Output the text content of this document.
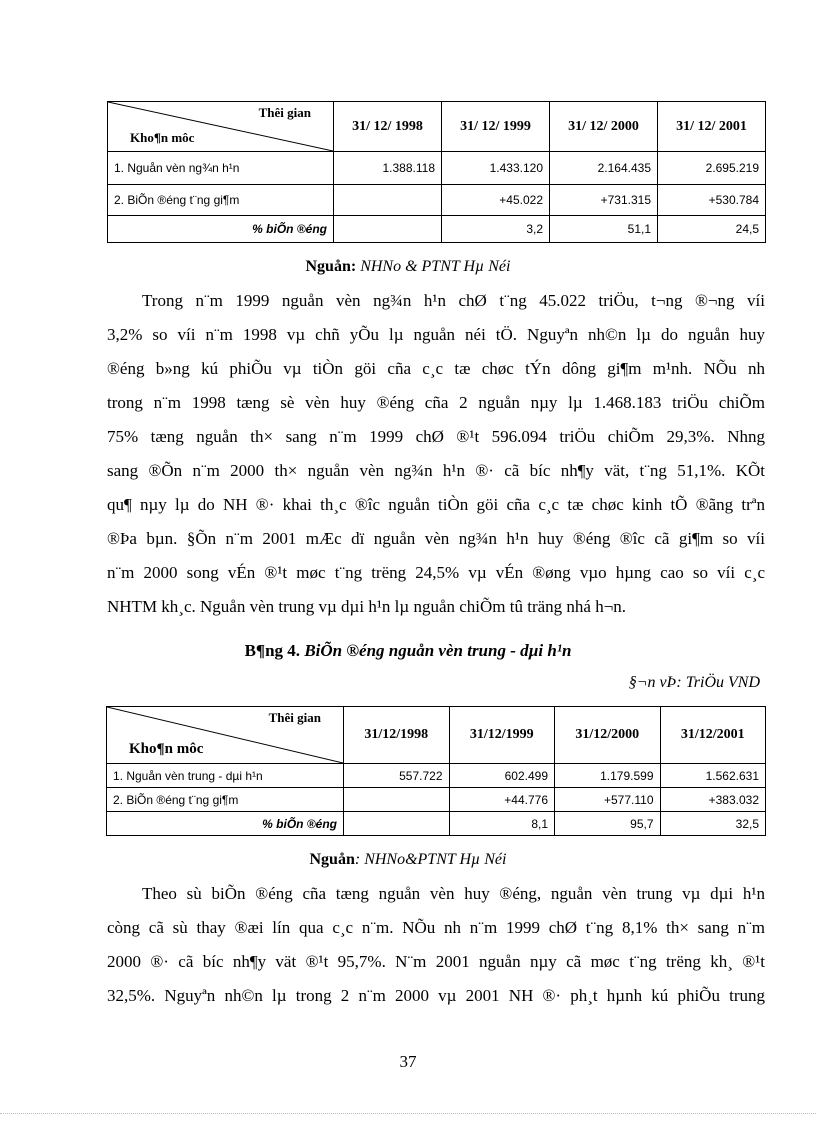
Thêi gian
Kho¶n môc	31/ 12/ 1998	31/ 12/ 1999	31/ 12/ 2000	31/ 12/ 2001
1. Nguån vèn ng¾n h¹n	1.388.118	1.433.120	2.164.435	2.695.219
2. BiÕn ®éng t¨ng gi¶m		+45.022	+731.315	+530.784
% biÕn ®éng		3,2	51,1	24,5
Nguån: NHNo & PTNT Hµ Néi
Trong n¨m 1999 nguån vèn ng¾n h¹n chØ t¨ng 45.022 triÖu, t¬ng ®¬ng víi
3,2% so víi n¨m 1998 vµ chñ yÕu lµ nguån néi tÖ. Nguyªn nh©n lµ do nguån huy
®éng b»ng kú phiÕu vµ tiÒn göi cña c¸c tæ chøc tÝn dông gi¶m m¹nh. NÕu nh
trong n¨m 1998 tæng sè vèn huy ®éng cña 2 nguån nµy lµ 1.468.183 triÖu chiÕm
75% tæng nguån th× sang n¨m 1999 chØ ®¹t 596.094 triÖu chiÕm 29,3%. Nhng
sang ®Õn n¨m 2000 th× nguån vèn ng¾n h¹n ®· cã bíc nh¶y vät, t¨ng 51,1%. KÕt
qu¶ nµy lµ do NH ®· khai th¸c ®îc nguån tiÒn göi cña c¸c tæ chøc kinh tÕ ®ãng trªn
®Þa bµn. §Õn n¨m 2001 mÆc dï nguån vèn ng¾n h¹n huy ®éng ®îc cã gi¶m so víi
n¨m 2000 song vÉn ®¹t møc t¨ng trëng 24,5% vµ vÉn ®øng vµo hµng cao so víi c¸c
NHTM kh¸c. Nguån vèn trung vµ dµi h¹n lµ nguån chiÕm tû träng nhá h¬n.
B¶ng 4. BiÕn ®éng nguån vèn trung - dµi h¹n
§¬n vÞ: TriÖu VND
Thêi gian
Kho¶n môc	31/12/1998	31/12/1999	31/12/2000	31/12/2001
1. Nguån vèn trung - dµi h¹n	557.722	602.499	1.179.599	1.562.631
2. BiÕn ®éng t¨ng gi¶m		+44.776	+577.110	+383.032
% biÕn ®éng		8,1	95,7	32,5
Nguån: NHNo&PTNT Hµ Néi
Theo sù biÕn ®éng cña tæng nguån vèn huy ®éng, nguån vèn trung vµ dµi h¹n
còng cã sù thay ®æi lín qua c¸c n¨m. NÕu nh n¨m 1999 chØ t¨ng 8,1% th× sang n¨m
2000 ®· cã bíc nh¶y vät ®¹t 95,7%. N¨m 2001 nguån nµy cã møc t¨ng trëng kh¸ ®¹t
32,5%. Nguyªn nh©n lµ trong 2 n¨m 2000 vµ 2001 NH ®· ph¸t hµnh kú phiÕu trung
37
